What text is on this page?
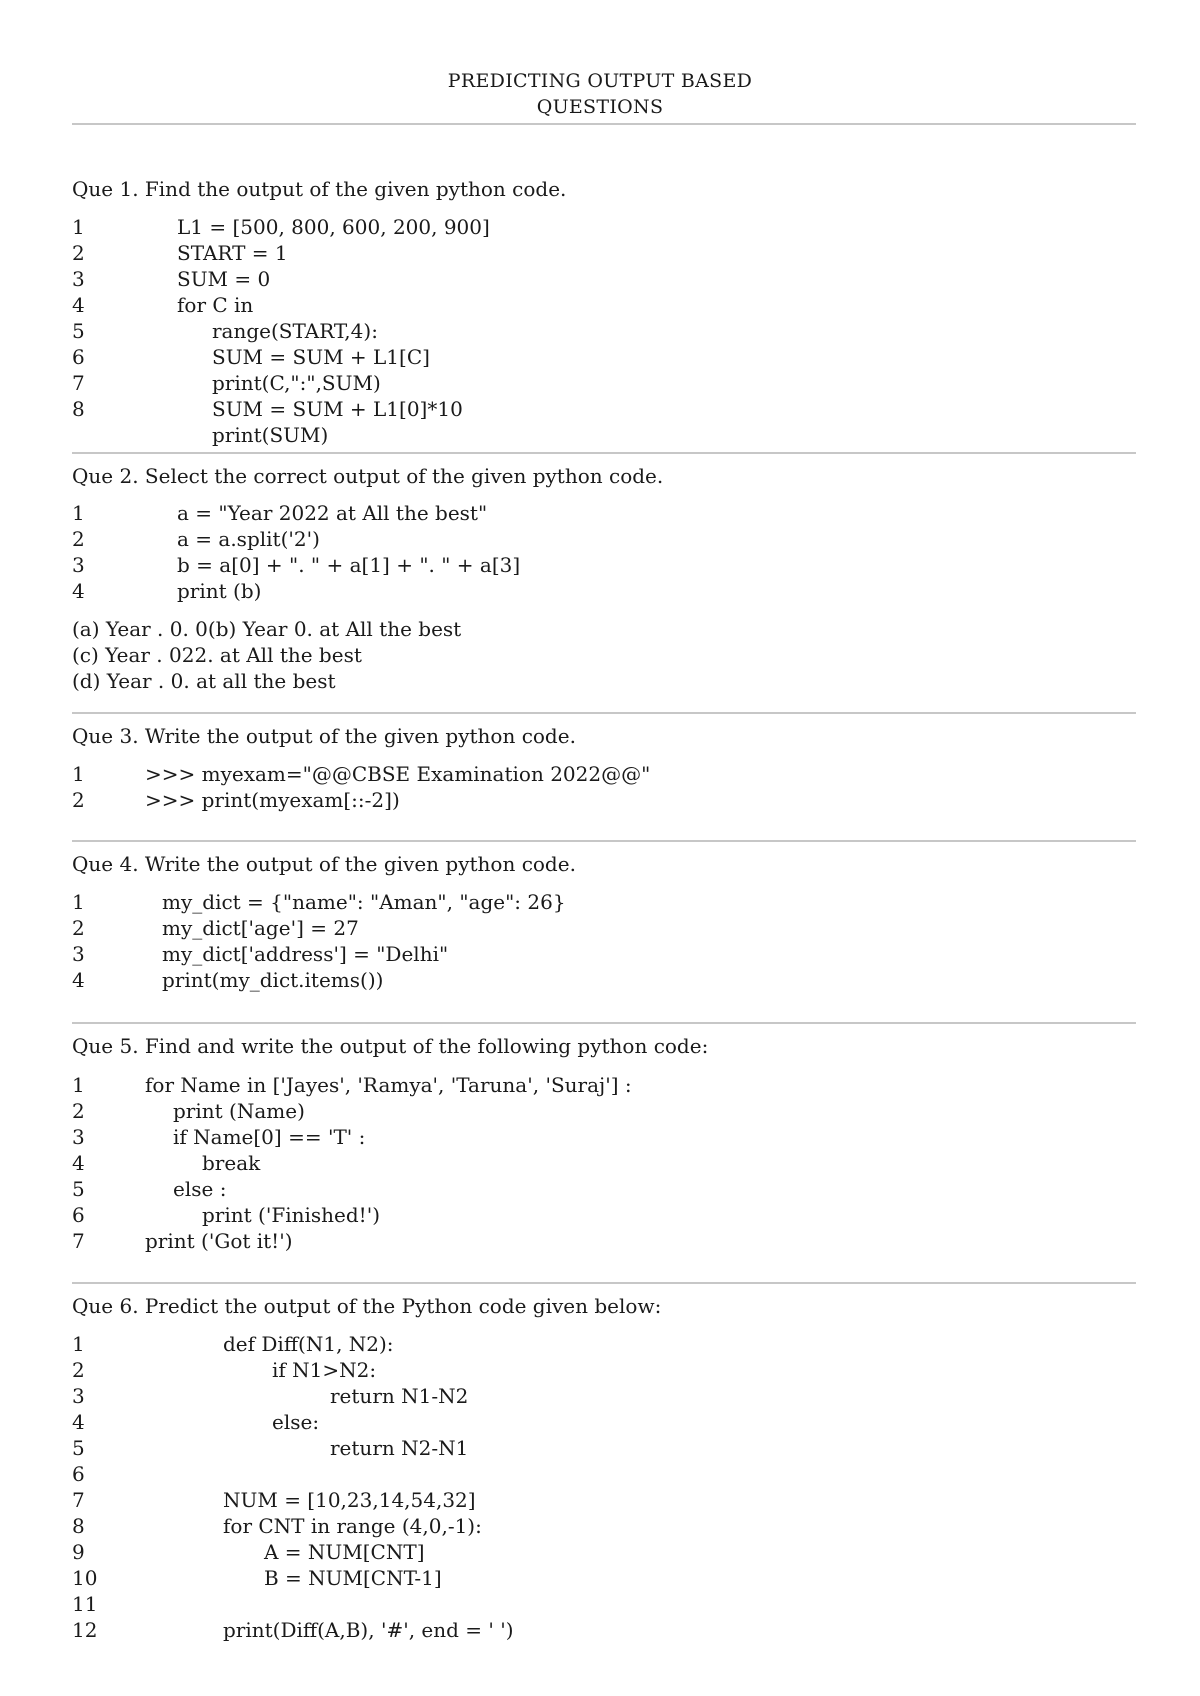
PREDICTING OUTPUT BASED
QUESTIONS
Que 1. Find the output of the given python code.
1
2
3
4
5
6
7
8
L1 = [500, 800, 600, 200, 900]
START = 1
SUM = 0
for C in
range(START,4):
SUM = SUM + L1[C]
print(C,":",SUM)
SUM = SUM + L1[0]*10
print(SUM)
Que 2. Select the correct output of the given python code.
1
2
3
4
a = "Year 2022 at All the best"
a = a.split('2')
b = a[0] + ". " + a[1] + ". " + a[3]
print (b)
(a) Year . 0. 0(b) Year 0. at All the best
(c) Year . 022. at All the best
(d) Year . 0. at all the best
Que 3. Write the output of the given python code.
1
2
>>> myexam="@@CBSE Examination 2022@@"
>>> print(myexam[::-2])
Que 4. Write the output of the given python code.
1
2
3
4
my_dict = {"name": "Aman", "age": 26}
my_dict['age'] = 27
my_dict['address'] = "Delhi"
print(my_dict.items())
Que 5. Find and write the output of the following python code:
1
2
3
4
5
6
7
for Name in ['Jayes', 'Ramya', 'Taruna', 'Suraj'] :
print (Name)
if Name[0] == 'T' :
break
else :
print ('Finished!')
print ('Got it!')
Que 6. Predict the output of the Python code given below:
1
2
3
4
5
6
7
8
9
10
11
12
def Diff(N1, N2):
if N1>N2:
return N1-N2
else:
return N2-N1
NUM = [10,23,14,54,32]
for CNT in range (4,0,-1):
A = NUM[CNT]
B = NUM[CNT-1]
print(Diff(A,B), '#', end = ' ')
